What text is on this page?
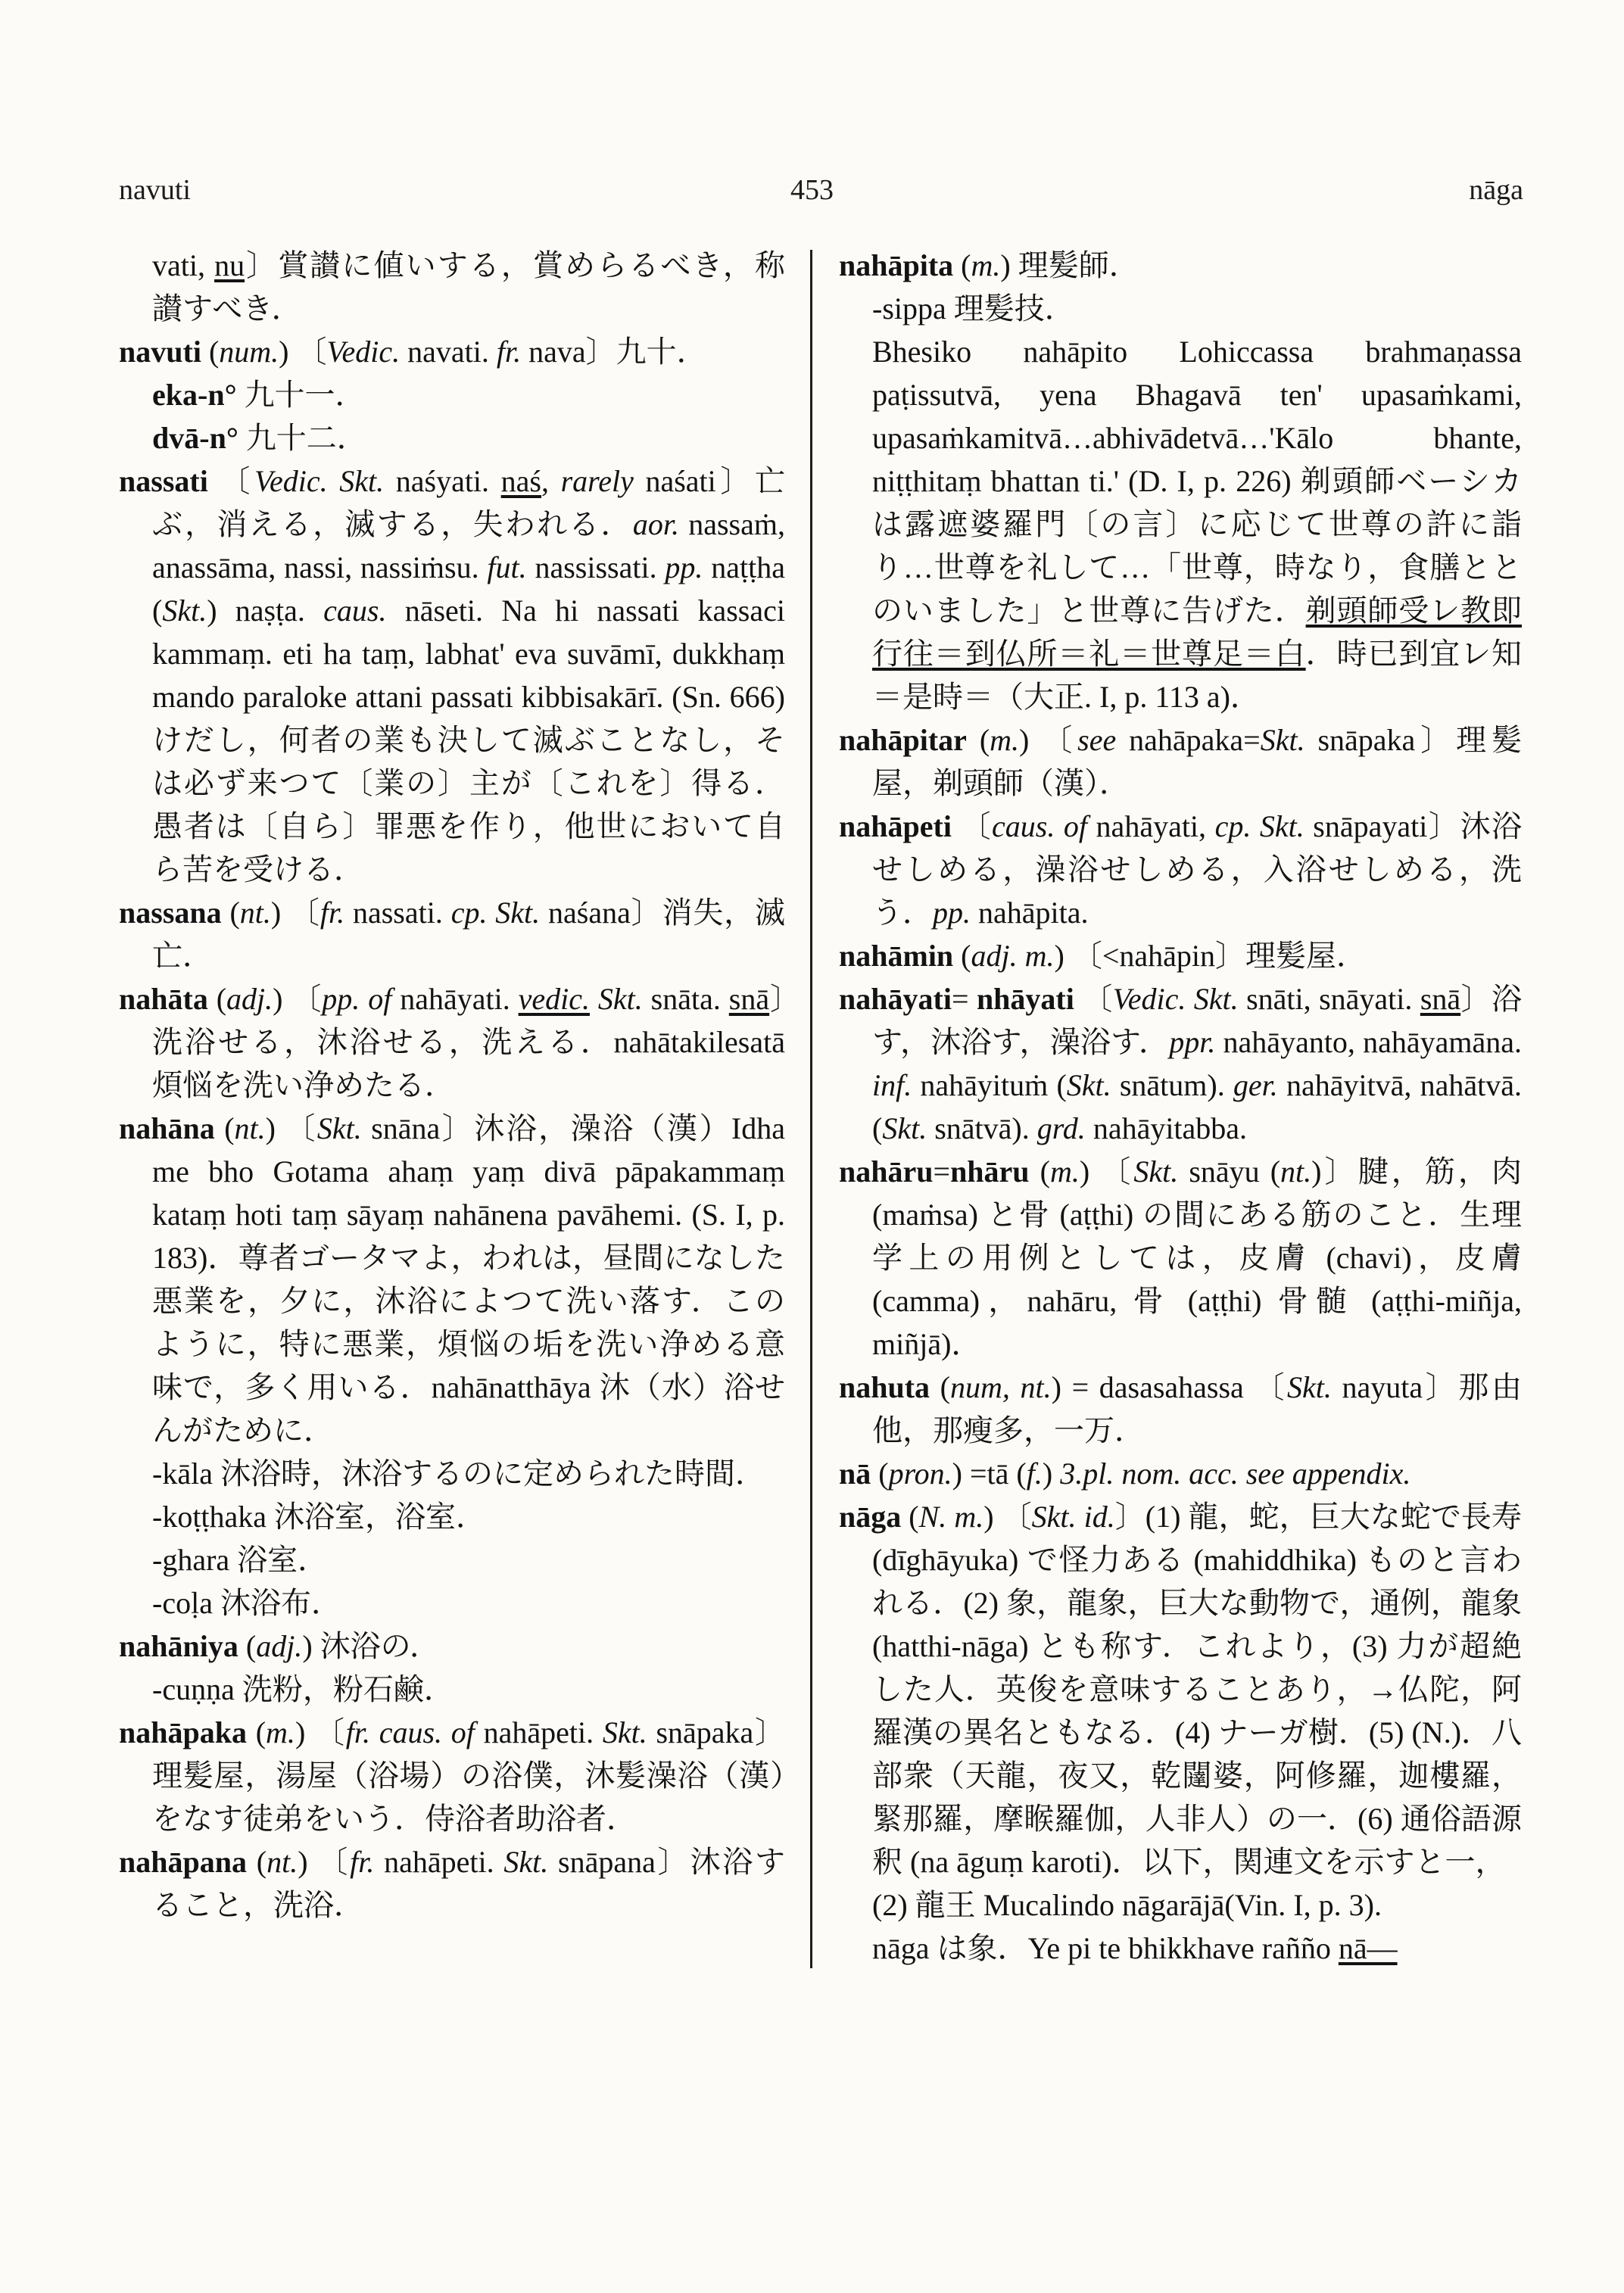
navuti	453	nāga

vati, nu〕賞讃に値いする，賞めらるべき，称讃すべき．

navuti (num.) 〔Vedic. navati. fr. nava〕九十．

eka-n° 九十一．

dvā-n° 九十二．

nassati 〔Vedic. Skt. naśyati. naś, rarely naśati〕亡ぶ，消える，滅する，失われる．aor. nassaṁ, anassāma, nassi, nassiṁsu. fut. nassissati. pp. naṭṭha (Skt.) naṣṭa. caus. nāseti. Na hi nassati kassaci kammaṃ. eti ha taṃ, labhat' eva suvāmī, dukkhaṃ mando paraloke attani passati kibbisakārī. (Sn. 666) けだし，何者の業も決して滅ぶことなし，そは必ず来つて〔業の〕主が〔これを〕得る．愚者は〔自ら〕罪悪を作り，他世において自ら苦を受ける．

nassana (nt.) 〔fr. nassati. cp. Skt. naśana〕消失，滅亡．

nahāta (adj.) 〔pp. of nahāyati. vedic. Skt. snāta. snā〕洗浴せる，沐浴せる，洗える．nahātakilesatā 煩悩を洗い浄めたる．

nahāna (nt.) 〔Skt. snāna〕沐浴，澡浴（漢）Idha me bho Gotama ahaṃ yaṃ divā pāpakammaṃ kataṃ hoti taṃ sāyaṃ nahānena pavāhemi. (S. I, p. 183)．尊者ゴータマよ，われは，昼間になした悪業を，夕に，沐浴によつて洗い落す．このように，特に悪業，煩悩の垢を洗い浄める意味で，多く用いる．nahānatthāya 沐（水）浴せんがために．

-kāla 沐浴時，沐浴するのに定められた時間．

-koṭṭhaka 沐浴室，浴室．

-ghara 浴室．

-coḷa 沐浴布．

nahāniya (adj.) 沐浴の．

-cuṇṇa 洗粉，粉石鹸．

nahāpaka (m.) 〔fr. caus. of nahāpeti. Skt. snāpaka〕理髪屋，湯屋（浴場）の浴僕，沐髪澡浴（漢）をなす徒弟をいう．侍浴者助浴者．

nahāpana (nt.) 〔fr. nahāpeti. Skt. snāpana〕沐浴すること，洗浴．

nahāpita (m.) 理髪師．

-sippa 理髪技．

Bhesiko nahāpito Lohiccassa brahmaṇassa paṭissutvā, yena Bhagavā ten' upasaṁkami, upasaṁkamitvā…abhivādetvā…'Kālo bhante, niṭṭhitaṃ bhattan ti.' (D. I, p. 226) 剃頭師ベーシカは露遮婆羅門〔の言〕に応じて世尊の許に詣り…世尊を礼して…「世尊，時なり，食膳ととのいました」と世尊に告げた．剃頭師受レ教即行往＝到仏所＝礼＝世尊足＝白．時已到宜レ知＝是時＝（大正. I, p. 113 a)．

nahāpitar (m.) 〔see nahāpaka=Skt. snāpaka〕理髪屋，剃頭師（漢）．

nahāpeti 〔caus. of nahāyati, cp. Skt. snāpayati〕沐浴せしめる，澡浴せしめる，入浴せしめる，洗う．pp. nahāpita.

nahāmin (adj. m.) 〔<nahāpin〕理髪屋．

nahāyati= nhāyati 〔Vedic. Skt. snāti, snāyati. snā〕浴す，沐浴す，澡浴す．ppr. nahāyanto, nahāyamāna. inf. nahāyituṁ (Skt. snātum). ger. nahāyitvā, nahātvā. (Skt. snātvā). grd. nahāyitabba.

nahāru=nhāru (m.) 〔Skt. snāyu (nt.)〕腱，筋，肉 (maṁsa) と骨 (aṭṭhi) の間にある筋のこと．生理学上の用例としては，皮膚 (chavi)，皮膚 (camma)，nahāru, 骨 (aṭṭhi) 骨髄 (aṭṭhi-miñja, miñjā)．

nahuta (num, nt.) = dasasahassa 〔Skt. nayuta〕那由他，那瘦多，一万．

nā (pron.) =tā (f.) 3.pl. nom. acc. see appendix.

nāga (N. m.) 〔Skt. id.〕(1) 龍，蛇，巨大な蛇で長寿 (dīghāyuka) で怪力ある (mahiddhika) ものと言われる．(2) 象，龍象，巨大な動物で，通例，龍象 (hatthi-nāga) とも称す．これより，(3) 力が超絶した人．英俊を意味することあり，→仏陀，阿羅漢の異名ともなる．(4) ナーガ樹．(5) (N.)．八部衆（天龍，夜又，乾闥婆，阿修羅，迦樓羅，緊那羅，摩睺羅伽，人非人）の一．(6) 通俗語源釈 (na āguṃ karoti)．以下，関連文を示すと一，

(2) 龍王 Mucalindo nāgarājā(Vin. I, p. 3).

nāga は象．Ye pi te bhikkhave rañño nā—
